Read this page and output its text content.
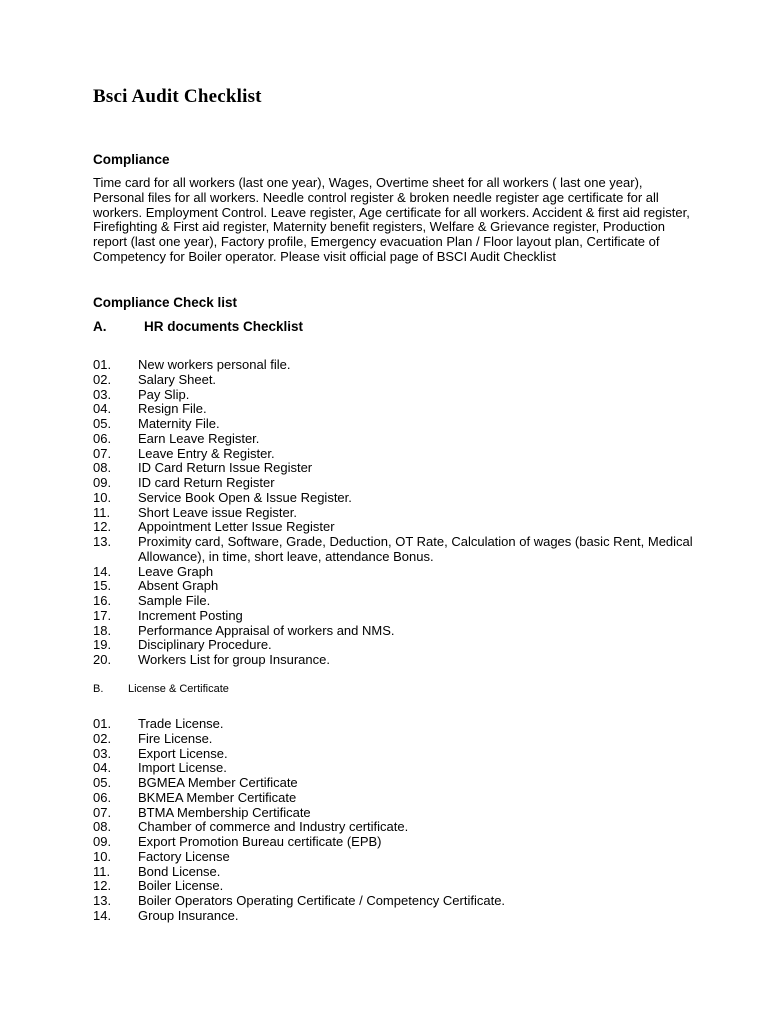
Bsci Audit Checklist
Compliance

Time card for all workers (last one year), Wages, Overtime sheet for all workers ( last one year), Personal files for all workers. Needle control register & broken needle register age certificate for all workers. Employment Control. Leave register, Age certificate for all workers. Accident & first aid register, Firefighting & First aid register, Maternity benefit registers, Welfare & Grievance register, Production report (last one year), Factory profile, Emergency evacuation Plan / Floor layout plan, Certificate of Competency for Boiler operator. Please visit official page of BSCI Audit Checklist

Compliance Check list
A.	HR documents Checklist
01.	New workers personal file.
02.	Salary Sheet.
03.	Pay Slip.
04.	Resign File.
05.	Maternity File.
06.	Earn Leave Register.
07.	Leave Entry & Register.
08.	ID Card Return Issue Register
09.	ID card Return Register
10.	Service Book Open & Issue Register.
11.	Short Leave issue Register.
12.	Appointment Letter Issue Register
13.	Proximity card, Software, Grade, Deduction, OT Rate, Calculation of wages (basic Rent, Medical Allowance), in time, short leave, attendance Bonus.
14.	Leave Graph
15.	Absent Graph
16.	Sample File.
17.	Increment Posting
18.	Performance Appraisal of workers and NMS.
19.	Disciplinary Procedure.
20.	Workers List for group Insurance.
B. License & Certificate
01.	Trade License.
02.	Fire License.
03.	Export License.
04.	Import License.
05.	BGMEA Member Certificate
06.	BKMEA Member Certificate
07.	BTMA Membership Certificate
08.	Chamber of commerce and Industry certificate.
09.	Export Promotion Bureau certificate (EPB)
10.	Factory License
11.	Bond License.
12.	Boiler License.
13.	Boiler Operators Operating Certificate / Competency Certificate.
14.	Group Insurance.
